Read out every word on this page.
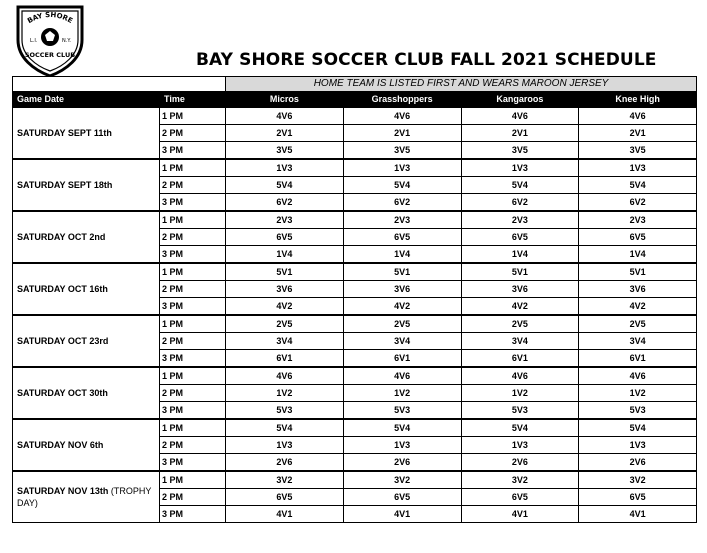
BAY SHORE
L.I.	N.Y.
SOCCER CLUB	BAY SHORE SOCCER CLUB FALL 2021 SCHEDULE
		HOME TEAM IS LISTED FIRST AND WEARS MAROON JERSEY			
Game Date	Time	Micros	Grasshoppers	Kangaroos	Knee High
SATURDAY SEPT 11th	1 PM	4V6	4V6	4V6	4V6
	2 PM	2V1	2V1	2V1	2V1
	3 PM	3V5	3V5	3V5	3V5
SATURDAY SEPT 18th	1 PM	1V3	1V3	1V3	1V3
	2 PM	5V4	5V4	5V4	5V4
	3 PM	6V2	6V2	6V2	6V2
SATURDAY OCT 2nd	1 PM	2V3	2V3	2V3	2V3
	2 PM	6V5	6V5	6V5	6V5
	3 PM	1V4	1V4	1V4	1V4
SATURDAY OCT 16th	1 PM	5V1	5V1	5V1	5V1
	2 PM	3V6	3V6	3V6	3V6
	3 PM	4V2	4V2	4V2	4V2
SATURDAY OCT 23rd	1 PM	2V5	2V5	2V5	2V5
	2 PM	3V4	3V4	3V4	3V4
	3 PM	6V1	6V1	6V1	6V1
SATURDAY OCT 30th	1 PM	4V6	4V6	4V6	4V6
	2 PM	1V2	1V2	1V2	1V2
	3 PM	5V3	5V3	5V3	5V3
SATURDAY NOV 6th	1 PM	5V4	5V4	5V4	5V4
	2 PM	1V3	1V3	1V3	1V3
	3 PM	2V6	2V6	2V6	2V6
SATURDAY NOV 13th (TROPHY DAY)	1 PM	3V2	3V2	3V2	3V2
	2 PM	6V5	6V5	6V5	6V5
	3 PM	4V1	4V1	4V1	4V1
